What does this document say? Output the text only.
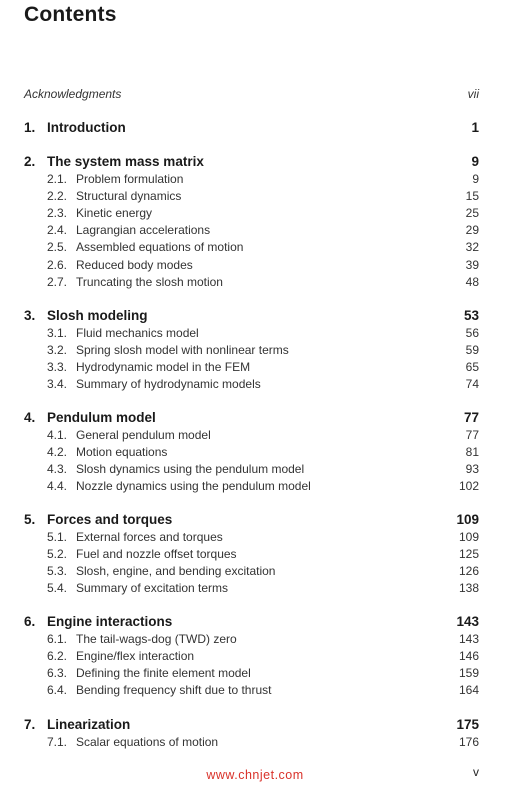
Contents
Acknowledgments	vii
1. Introduction	1
2. The system mass matrix	9
2.1. Problem formulation	9
2.2. Structural dynamics	15
2.3. Kinetic energy	25
2.4. Lagrangian accelerations	29
2.5. Assembled equations of motion	32
2.6. Reduced body modes	39
2.7. Truncating the slosh motion	48
3. Slosh modeling	53
3.1. Fluid mechanics model	56
3.2. Spring slosh model with nonlinear terms	59
3.3. Hydrodynamic model in the FEM	65
3.4. Summary of hydrodynamic models	74
4. Pendulum model	77
4.1. General pendulum model	77
4.2. Motion equations	81
4.3. Slosh dynamics using the pendulum model	93
4.4. Nozzle dynamics using the pendulum model	102
5. Forces and torques	109
5.1. External forces and torques	109
5.2. Fuel and nozzle offset torques	125
5.3. Slosh, engine, and bending excitation	126
5.4. Summary of excitation terms	138
6. Engine interactions	143
6.1. The tail-wags-dog (TWD) zero	143
6.2. Engine/flex interaction	146
6.3. Defining the finite element model	159
6.4. Bending frequency shift due to thrust	164
7. Linearization	175
7.1. Scalar equations of motion	176
www.chnjet.com	v
